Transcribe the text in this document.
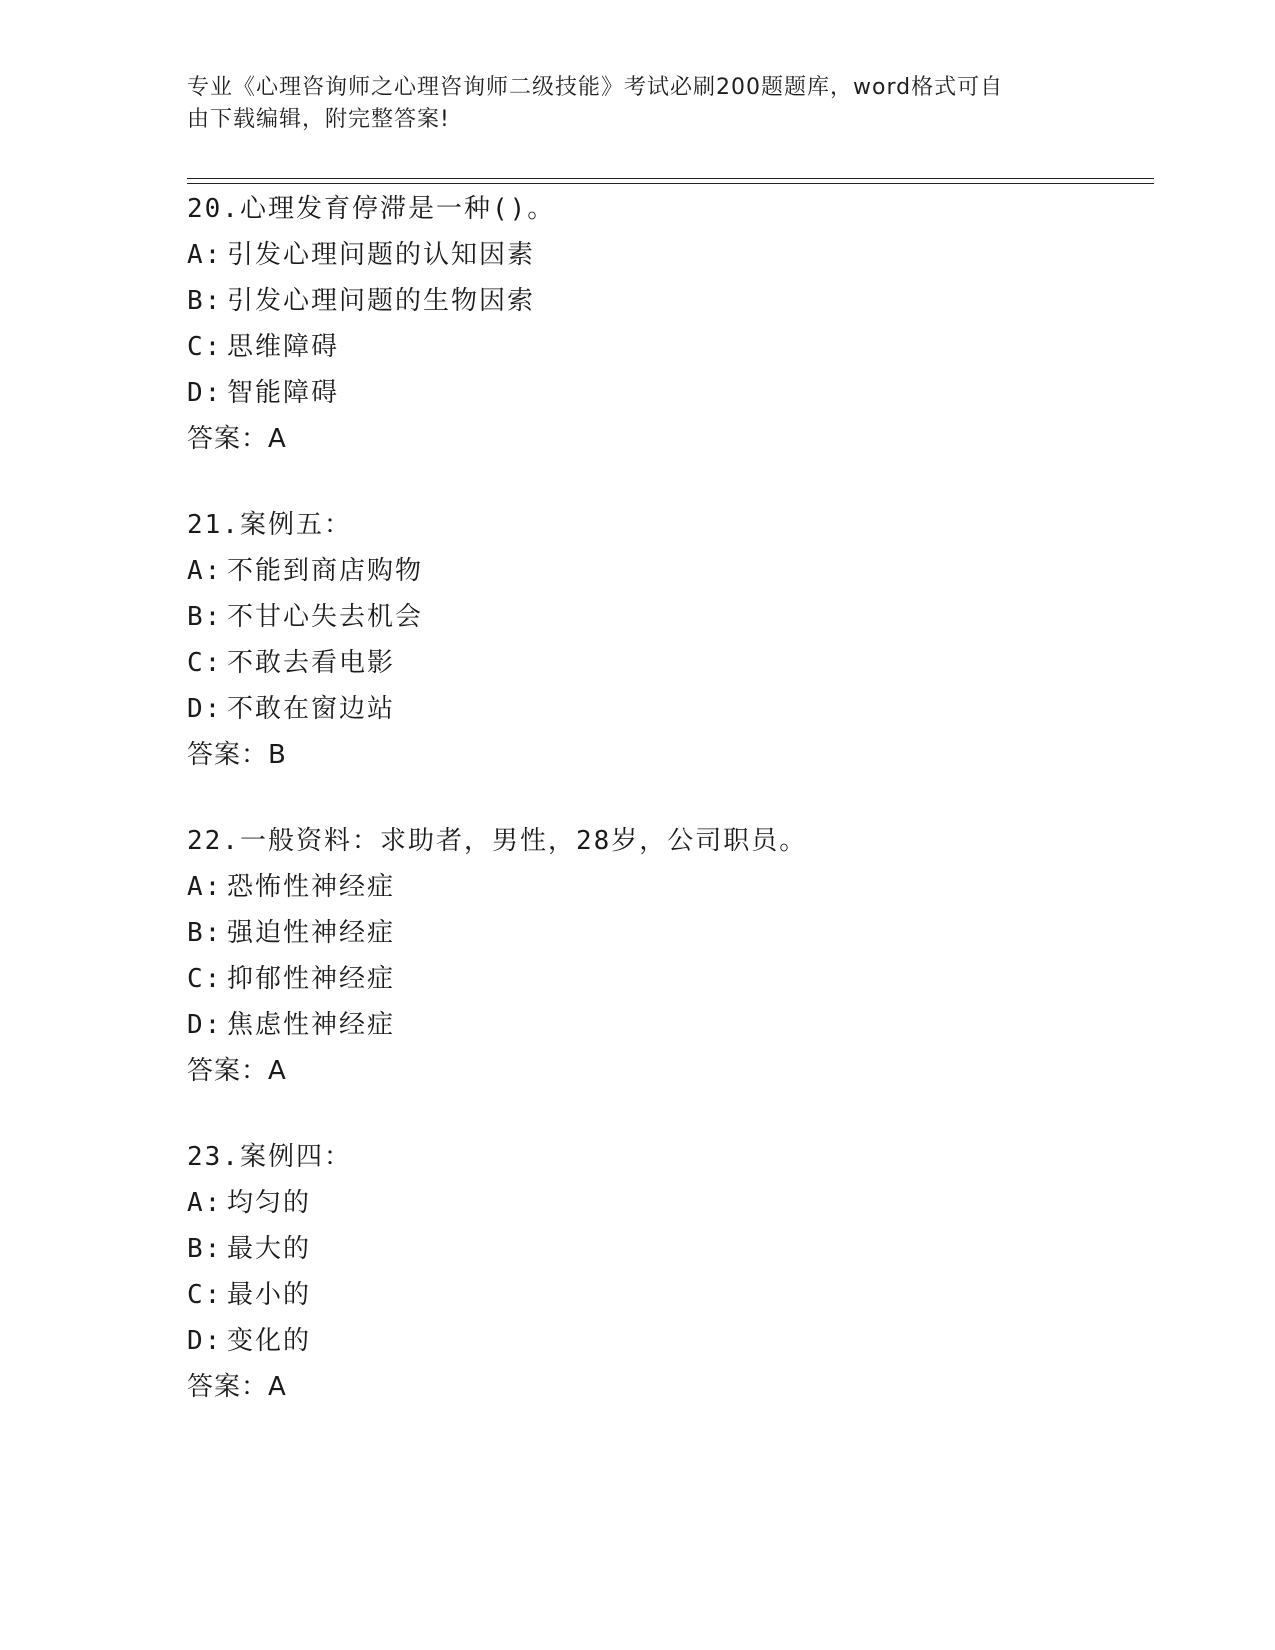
专业《心理咨询师之心理咨询师二级技能》考试必刷200题题库，word格式可自
由下载编辑，附完整答案!
20.心理发育停滞是一种()。
A: 引发心理问题的认知因素
B: 引发心理问题的生物因索
C: 思维障碍
D: 智能障碍
答案：A
21.案例五：
A: 不能到商店购物
B: 不甘心失去机会
C: 不敢去看电影
D: 不敢在窗边站
答案：B
22.一般资料：求助者，男性，28岁，公司职员。
A: 恐怖性神经症
B: 强迫性神经症
C: 抑郁性神经症
D: 焦虑性神经症
答案：A
23.案例四：
A: 均匀的
B: 最大的
C: 最小的
D: 变化的
答案：A
